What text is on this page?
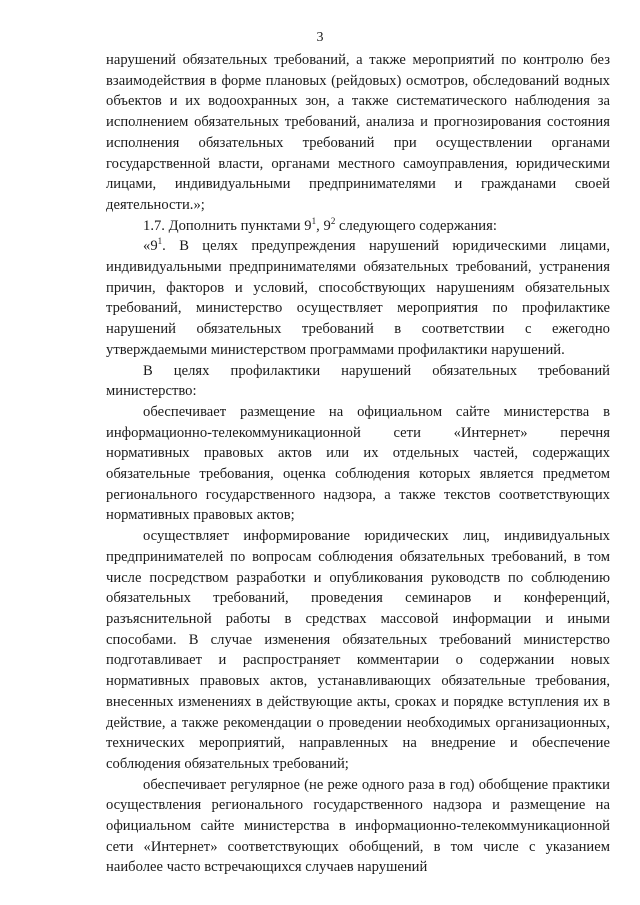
3

нарушений обязательных требований, а также мероприятий по контролю без взаимодействия в форме плановых (рейдовых) осмотров, обследований водных объектов и их водоохранных зон, а также систематического наблюдения за исполнением обязательных требований, анализа и прогнозирования состояния исполнения обязательных требований при осуществлении органами государственной власти, органами местного самоуправления, юридическими лицами, индивидуальными предпринимателями и гражданами своей деятельности.»;

1.7. Дополнить пунктами $9^1$, $9^2$ следующего содержания:

«$9^1$. В целях предупреждения нарушений юридическими лицами, индивидуальными предпринимателями обязательных требований, устранения причин, факторов и условий, способствующих нарушениям обязательных требований, министерство осуществляет мероприятия по профилактике нарушений обязательных требований в соответствии с ежегодно утверждаемыми министерством программами профилактики нарушений.

В целях профилактики нарушений обязательных требований министерство:

обеспечивает размещение на официальном сайте министерства в информационно-телекоммуникационной сети «Интернет» перечня нормативных правовых актов или их отдельных частей, содержащих обязательные требования, оценка соблюдения которых является предметом регионального государственного надзора, а также текстов соответствующих нормативных правовых актов;

осуществляет информирование юридических лиц, индивидуальных предпринимателей по вопросам соблюдения обязательных требований, в том числе посредством разработки и опубликования руководств по соблюдению обязательных требований, проведения семинаров и конференций, разъяснительной работы в средствах массовой информации и иными способами. В случае изменения обязательных требований министерство подготавливает и распространяет комментарии о содержании новых нормативных правовых актов, устанавливающих обязательные требования, внесенных изменениях в действующие акты, сроках и порядке вступления их в действие, а также рекомендации о проведении необходимых организационных, технических мероприятий, направленных на внедрение и обеспечение соблюдения обязательных требований;

обеспечивает регулярное (не реже одного раза в год) обобщение практики осуществления регионального государственного надзора и размещение на официальном сайте министерства в информационно-телекоммуникационной сети «Интернет» соответствующих обобщений, в том числе с указанием наиболее часто встречающихся случаев нарушений
